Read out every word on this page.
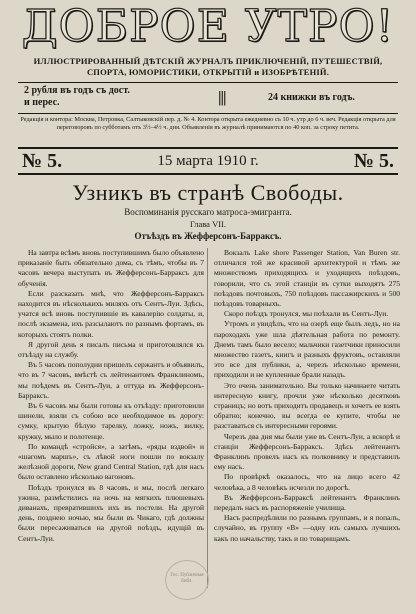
ДОБРОЕ УТРО!
ИЛЛЮСТРИРОВАННЫЙ ДѢТСКІЙ ЖУРНАЛЪ ПРИКЛЮЧЕНІЙ, ПУТЕШЕСТВІЙ, СПОРТА, ЮМОРИСТИКИ, ОТКРЫТІЙ и ИЗОБРѢТЕНІЙ.
2 рубля въ годъ съ дост.
и перес.	|||	24 книжки въ годъ.
Редакція и контора: Москва, Петровка, Салтыковскій пер. д. № 4. Контора открыта ежедневно съ 10 ч. утр до 6 ч. веч. Редакція открыта для переговоровъ по субботамъ отъ 3½–4½ ч. дня. Объявленія въ журналѣ принимаются по 40 коп. за строку петита.
№ 5.	15 марта 1910 г.	№ 5.
Узникъ въ странѣ Свободы.
Воспоминанія русскаго матроса-эмигранта.
Глава VII.
Отъѣздъ въ Жефферсонъ-Барраксъ.

На завтра всѣмъ вновь поступившимъ было объявлено приказаніе быть обязательно дома, съ тѣмъ, чтобы въ 7 часовъ вечера выступать въ Жефферсонъ-Барраксъ для обученія.

Если разсказать мнѣ, что Жефферсонъ-Барраксъ находится въ нѣсколькихъ миляхъ отъ Сентъ-Луи. Здѣсь, учатся всѣ вновь поступившіе въ кавалерію солдаты, и, послѣ экзамена, ихъ разсылаютъ по разнымъ фортамъ, въ которыхъ стоятъ полки.

Я другой день я писалъ письма и приготовлялся къ отъѣзду на службу.

Въ 5 часовъ пополудни пришелъ сержантъ и объявилъ, что въ 7 часовъ, вмѣстѣ съ лейтенантомъ Франклиномъ, мы поѣдемъ въ Сентъ-Луи, а оттуда въ Жефферсонъ-Барраксъ.

Въ 6 часовъ мы были готовы къ отъѣзду: приготовили шинели, взяли съ собою все необходимое въ дорогу: сумку, крытую бѣлую тарелку, ложку, ножъ, вилку, кружку, мыло и полотенце.

По командѣ «стройся», а затѣмъ, «ряды вздвой» и «шагомъ маршъ», съ лѣвой ноги пошли по вокзалу желѣзной дороги, New grand Central Station, гдѣ для насъ было оставлено нѣсколько вагоновъ.

Поѣздъ тронулся въ 8 часовъ, и мы, послѣ легкаго ужина, размѣстились на ночь на мягкихъ плюшевыхъ диванахъ, превратившихъ ихъ въ постели. На другой день, позднею ночью, мы были въ Чикаго, гдѣ должны были пересаживаться на другой поѣздъ, идущій въ Сентъ-Луи.

Вокзалъ Lake shore Passenger Station, Van Buren str. отличался той же красивой архитектурой и тѣмъ же множествомъ приходящихъ и уходящихъ поѣздовъ, говорили, что съ этой станціи въ сутки выходятъ 275 поѣздовъ почтовыхъ, 750 поѣздовъ пассажирскихъ и 500 поѣздовъ товарныхъ.

Скоро поѣздъ тронулся, мы поѣхали въ Сентъ-Луи.

Утромъ и увидѣлъ, что на озерѣ еще былъ ледъ, но на пароходахъ уже шла дѣятельная работа по ремонту. Днемъ тамъ было весело; мальчики газетчики приносили множество газетъ, книгъ и разныхъ фруктовъ, оставляли это все для публики, а, черезъ нѣсколько времени, приходили и не купленные брали назадъ.

Это очень занимательно. Вы только начинаете читать интересную книгу, прочли уже нѣсколько десятковъ страницъ; но вотъ приходитъ продавецъ и хочетъ ее взять обратно; конечно, вы всегда ее купите, чтобы не разставаться съ интересными героями.

Черезъ два дня мы были уже въ Сентъ-Луи, а вскорѣ и станціи Жефферсонъ-Барраксъ. Здѣсь лейтенантъ Франклинъ провелъ насъ къ полковнику и представилъ ему насъ.

По провѣркѣ оказалось, что на лицо всего 42 человѣка, а 8 человѣкъ исчезли по дорогѣ.

Въ Жефферсонъ-Барраксѣ лейтенантъ Франклинъ передалъ насъ въ распоряженіе училища.

Насъ распредѣлили по разнымъ группамъ, и я попалъ, случайно, въ группу «В» —одну изъ самыхъ лучшихъ какъ по начальству, такъ и по товарищамъ.

Гос. Публичная библ.
